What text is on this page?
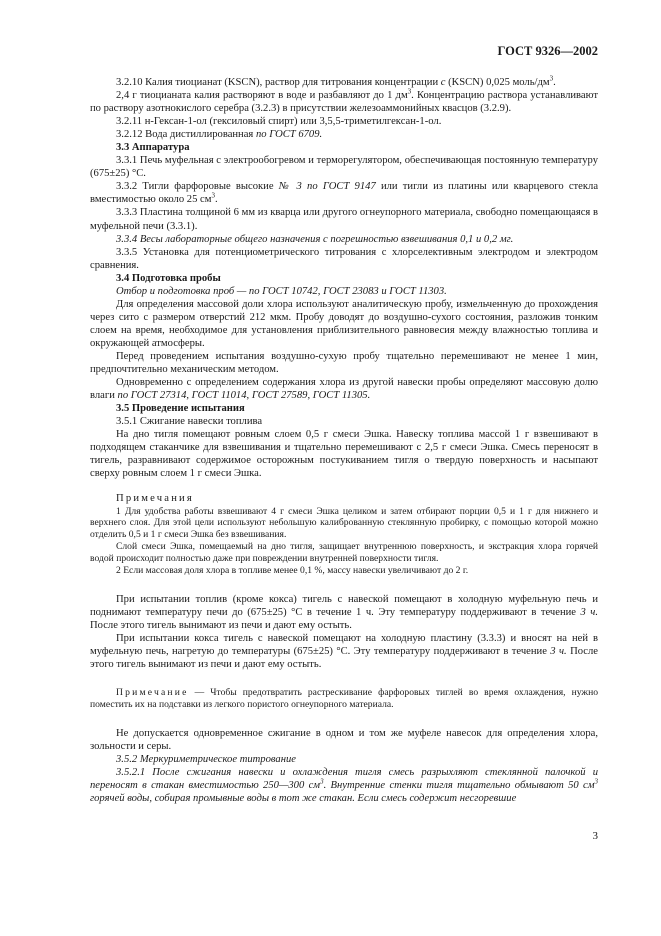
ГОСТ 9326—2002

3.2.10 Калия тиоцианат (KSCN), раствор для титрования концентрации c (KSCN) 0,025 моль/$дм^3$.

2,4 г тиоцианата калия растворяют в воде и разбавляют до 1 $дм^3$. Концентрацию раствора устанавливают по раствору азотнокислого серебра (3.2.3) в присутствии железоаммонийных квасцов (3.2.9).

3.2.11 н-Гексан-1-ол (гексиловый спирт) или 3,5,5-триметилгексан-1-ол.

3.2.12 Вода дистиллированная по ГОСТ 6709.

3.3 Аппаратура

3.3.1 Печь муфельная с электрообогревом и терморегулятором, обеспечивающая постоянную температуру (675±25) °С.

3.3.2 Тигли фарфоровые высокие № 3 по ГОСТ 9147 или тигли из платины или кварцевого стекла вместимостью около 25 $см^3$.

3.3.3 Пластина толщиной 6 мм из кварца или другого огнеупорного материала, свободно помещающаяся в муфельной печи (3.3.1).

3.3.4 Весы лабораторные общего назначения с погрешностью взвешивания 0,1 и 0,2 мг.

3.3.5 Установка для потенциометрического титрования с хлорселективным электродом и электродом сравнения.

3.4 Подготовка пробы

Отбор и подготовка проб — по ГОСТ 10742, ГОСТ 23083 и ГОСТ 11303.

Для определения массовой доли хлора используют аналитическую пробу, измельченную до прохождения через сито с размером отверстий 212 мкм. Пробу доводят до воздушно-сухого состояния, разложив тонким слоем на время, необходимое для установления приблизительного равновесия между влажностью топлива и окружающей атмосферы.

Перед проведением испытания воздушно-сухую пробу тщательно перемешивают не менее 1 мин, предпочтительно механическим методом.

Одновременно с определением содержания хлора из другой навески пробы определяют массовую долю влаги по ГОСТ 27314, ГОСТ 11014, ГОСТ 27589, ГОСТ 11305.

3.5 Проведение испытания

3.5.1 Сжигание навески топлива

На дно тигля помещают ровным слоем 0,5 г смеси Эшка. Навеску топлива массой 1 г взвешивают в подходящем стаканчике для взвешивания и тщательно перемешивают с 2,5 г смеси Эшка. Смесь переносят в тигель, разравнивают содержимое осторожным постукиванием тигля о твердую поверхность и насыпают сверху ровным слоем 1 г смеси Эшка.

Примечания

1 Для удобства работы взвешивают 4 г смеси Эшка целиком и затем отбирают порции 0,5 и 1 г для нижнего и верхнего слоя. Для этой цели используют небольшую калиброванную стеклянную пробирку, с помощью которой можно отделить 0,5 и 1 г смеси Эшка без взвешивания.

Слой смеси Эшка, помещаемый на дно тигля, защищает внутреннюю поверхность, и экстракция хлора горячей водой происходит полностью даже при повреждении внутренней поверхности тигля.

2 Если массовая доля хлора в топливе менее 0,1 %, массу навески увеличивают до 2 г.

При испытании топлив (кроме кокса) тигель с навеской помещают в холодную муфельную печь и поднимают температуру печи до (675±25) °С в течение 1 ч. Эту температуру поддерживают в течение 3 ч. После этого тигель вынимают из печи и дают ему остыть.

При испытании кокса тигель с навеской помещают на холодную пластину (3.3.3) и вносят на ней в муфельную печь, нагретую до температуры (675±25) °С. Эту температуру поддерживают в течение 3 ч. После этого тигель вынимают из печи и дают ему остыть.

Примечание — Чтобы предотвратить растрескивание фарфоровых тиглей во время охлаждения, нужно поместить их на подставки из легкого пористого огнеупорного материала.

Не допускается одновременное сжигание в одном и том же муфеле навесок для определения хлора, зольности и серы.

3.5.2 Меркуриметрическое титрование

3.5.2.1 После сжигания навески и охлаждения тигля смесь разрыхляют стеклянной палочкой и переносят в стакан вместимостью 250—300 $см^3$. Внутренние стенки тигля тщательно обмывают 50 $см^3$ горячей воды, собирая промывные воды в тот же стакан. Если смесь содержит несгоревшие

3
